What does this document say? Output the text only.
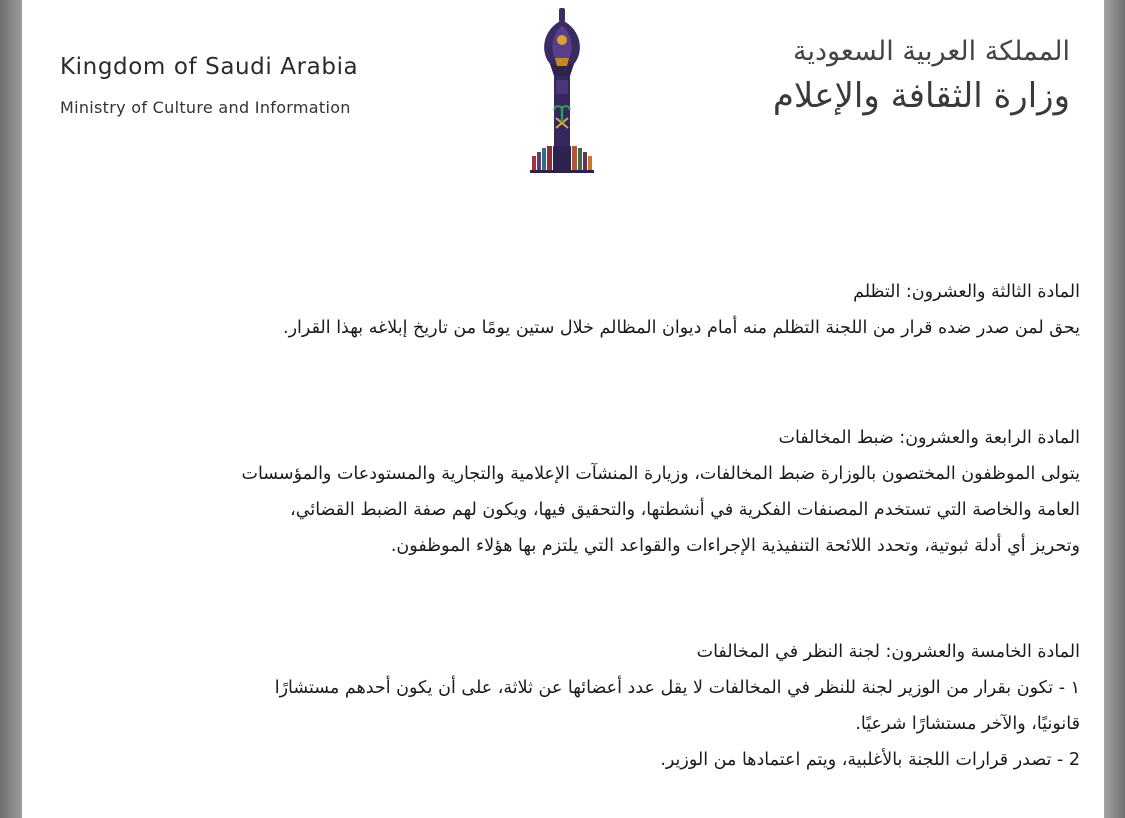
Kingdom of Saudi Arabia

Ministry of Culture and Information

المملكة العربية السعودية

وزارة الثقافة والإعلام

المادة الثالثة والعشرون: التظلم
يحق لمن صدر ضده قرار من اللجنة التظلم منه أمام ديوان المظالم خلال ستين يومًا من تاريخ إبلاغه بهذا القرار.
المادة الرابعة والعشرون: ضبط المخالفات
يتولى الموظفون المختصون بالوزارة ضبط المخالفات، وزيارة المنشآت الإعلامية والتجارية والمستودعات والمؤسسات
العامة والخاصة التي تستخدم المصنفات الفكرية في أنشطتها، والتحقيق فيها، ويكون لهم صفة الضبط القضائي،
وتحريز أي أدلة ثبوتية، وتحدد اللائحة التنفيذية الإجراءات والقواعد التي يلتزم بها هؤلاء الموظفون.
المادة الخامسة والعشرون: لجنة النظر في المخالفات
١ - تكون بقرار من الوزير لجنة للنظر في المخالفات لا يقل عدد أعضائها عن ثلاثة، على أن يكون أحدهم مستشارًا
قانونيًا، والآخر مستشارًا شرعيًا.
2 - تصدر قرارات اللجنة بالأغلبية، ويتم اعتمادها من الوزير.
